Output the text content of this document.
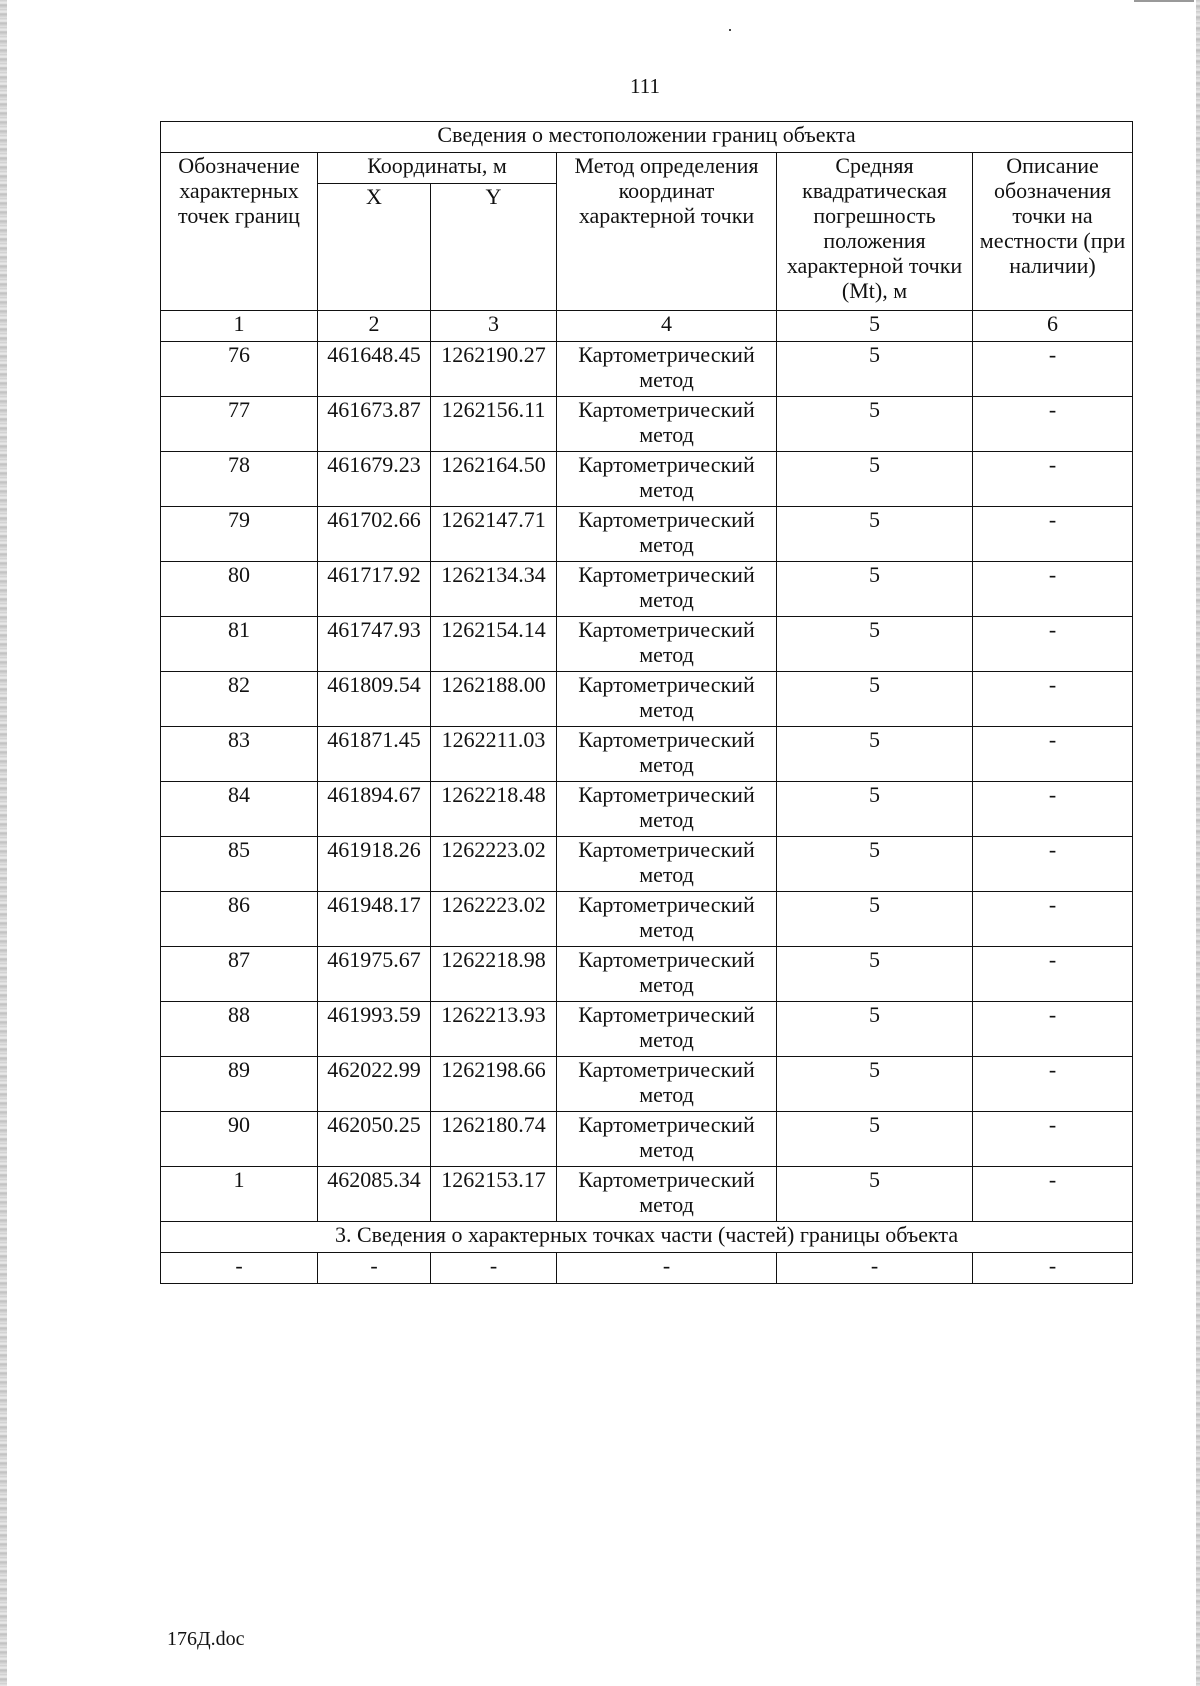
111
Сведения о местоположении границ объекта					
Обозначение характерных точек границ	Координаты, м		Метод определения координат характерной точки	Средняя квадратическая погрешность положения характерной точки (Mt), м	Описание обозначения точки на местности (при наличии)
	X	Y			
1	2	3	4	5	6
76	461648.45	1262190.27	Картометрический метод	5	-
77	461673.87	1262156.11	Картометрический метод	5	-
78	461679.23	1262164.50	Картометрический метод	5	-
79	461702.66	1262147.71	Картометрический метод	5	-
80	461717.92	1262134.34	Картометрический метод	5	-
81	461747.93	1262154.14	Картометрический метод	5	-
82	461809.54	1262188.00	Картометрический метод	5	-
83	461871.45	1262211.03	Картометрический метод	5	-
84	461894.67	1262218.48	Картометрический метод	5	-
85	461918.26	1262223.02	Картометрический метод	5	-
86	461948.17	1262223.02	Картометрический метод	5	-
87	461975.67	1262218.98	Картометрический метод	5	-
88	461993.59	1262213.93	Картометрический метод	5	-
89	462022.99	1262198.66	Картометрический метод	5	-
90	462050.25	1262180.74	Картометрический метод	5	-
1	462085.34	1262153.17	Картометрический метод	5	-
3. Сведения о характерных точках части (частей) границы объекта					
-	-	-	-	-	-
176Д.doc
